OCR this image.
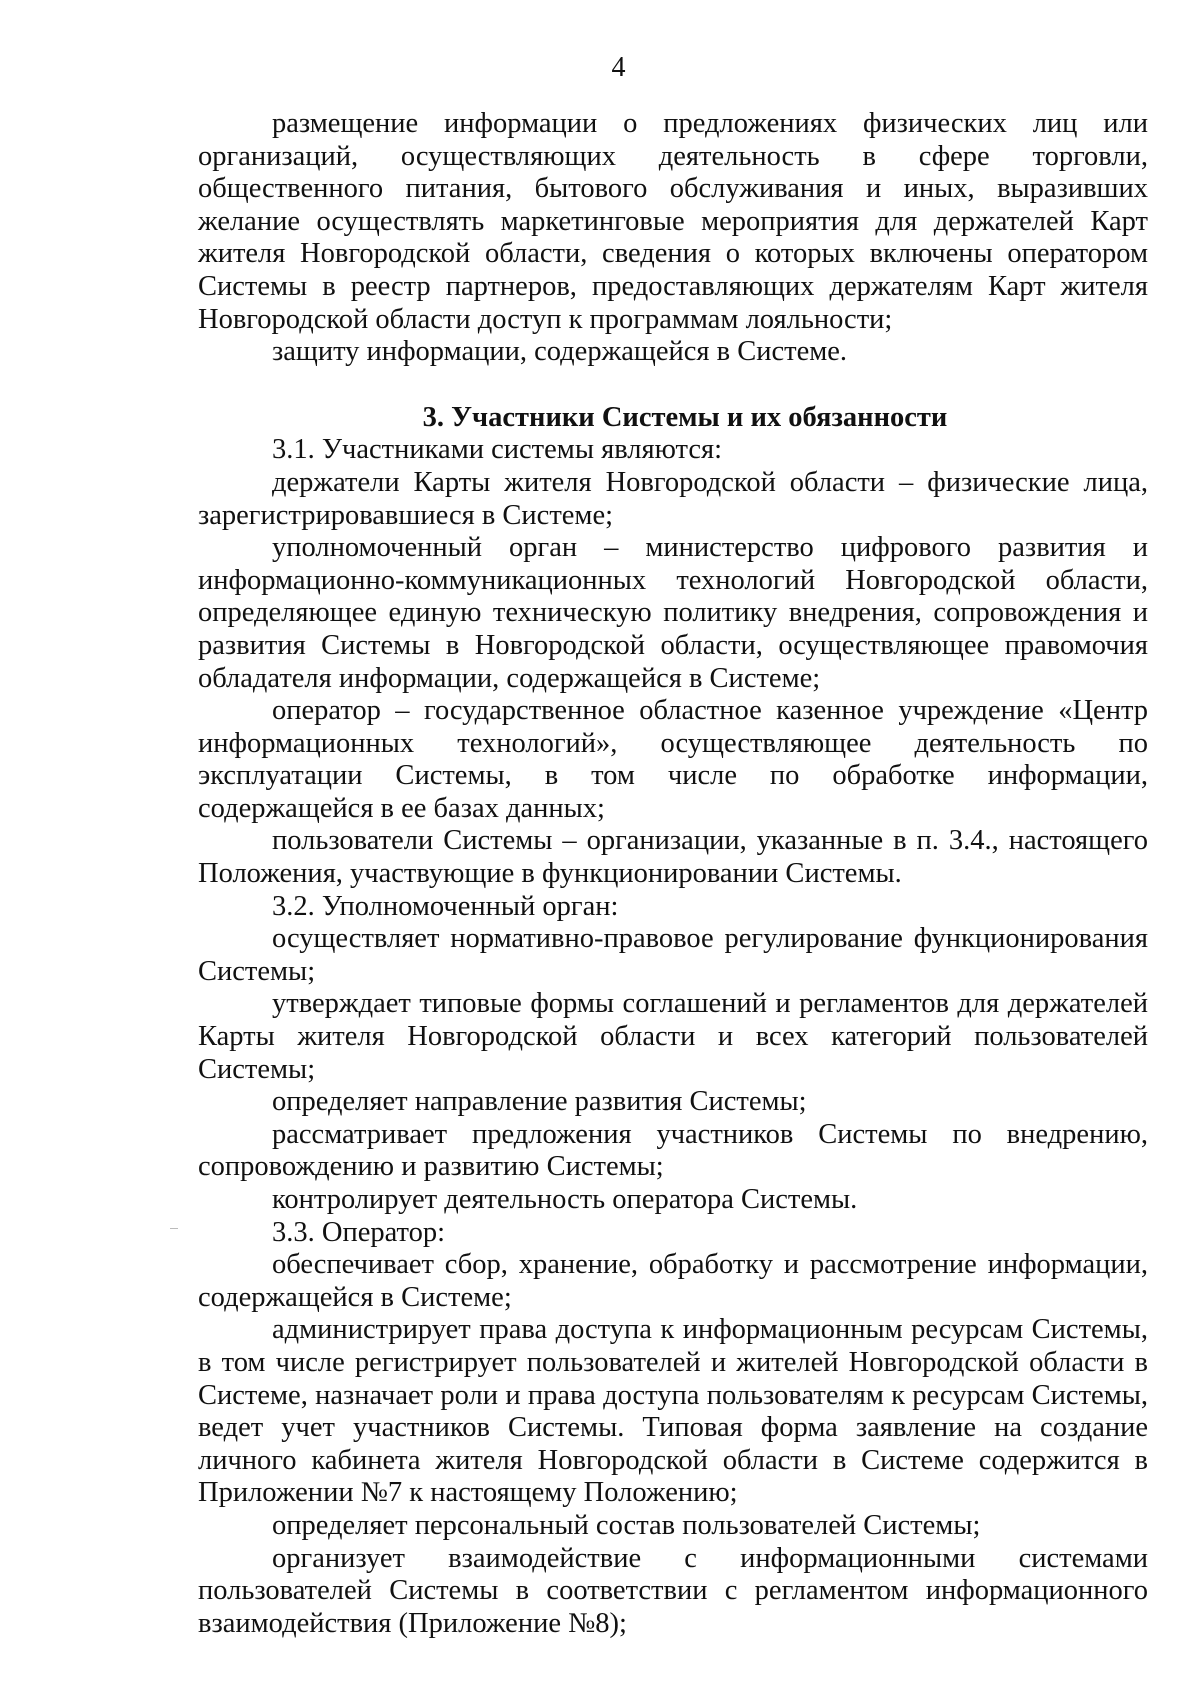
4

размещение информации о предложениях физических лиц или организаций, осуществляющих деятельность в сфере торговли, общественного питания, бытового обслуживания и иных, выразивших желание осуществлять маркетинговые мероприятия для держателей Карт жителя Новгородской области, сведения о которых включены оператором Системы в реестр партнеров, предоставляющих держателям Карт жителя Новгородской области доступ к программам лояльности;

защиту информации, содержащейся в Системе.

3. Участники Системы и их обязанности

3.1. Участниками системы являются:

держатели Карты жителя Новгородской области – физические лица, зарегистрировавшиеся в Системе;

уполномоченный орган – министерство цифрового развития и информационно-коммуникационных технологий Новгородской области, определяющее единую техническую политику внедрения, сопровождения и развития Системы в Новгородской области, осуществляющее правомочия обладателя информации, содержащейся в Системе;

оператор – государственное областное казенное учреждение «Центр информационных технологий», осуществляющее деятельность по эксплуатации Системы, в том числе по обработке информации, содержащейся в ее базах данных;

пользователи Системы – организации, указанные в п. 3.4., настоящего Положения, участвующие в функционировании Системы.

3.2. Уполномоченный орган:

осуществляет нормативно-правовое регулирование функционирования Системы;

утверждает типовые формы соглашений и регламентов для держателей Карты жителя Новгородской области и всех категорий пользователей Системы;

определяет направление развития Системы;

рассматривает предложения участников Системы по внедрению, сопровождению и развитию Системы;

контролирует деятельность оператора Системы.

3.3. Оператор:

обеспечивает сбор, хранение, обработку и рассмотрение информации, содержащейся в Системе;

администрирует права доступа к информационным ресурсам Системы, в том числе регистрирует пользователей и жителей Новгородской области в Системе, назначает роли и права доступа пользователям к ресурсам Системы, ведет учет участников Системы. Типовая форма заявление на создание личного кабинета жителя Новгородской области в Системе содержится в Приложении №7 к настоящему Положению;

определяет персональный состав пользователей Системы;

организует взаимодействие с информационными системами пользователей Системы в соответствии с регламентом информационного взаимодействия (Приложение №8);
